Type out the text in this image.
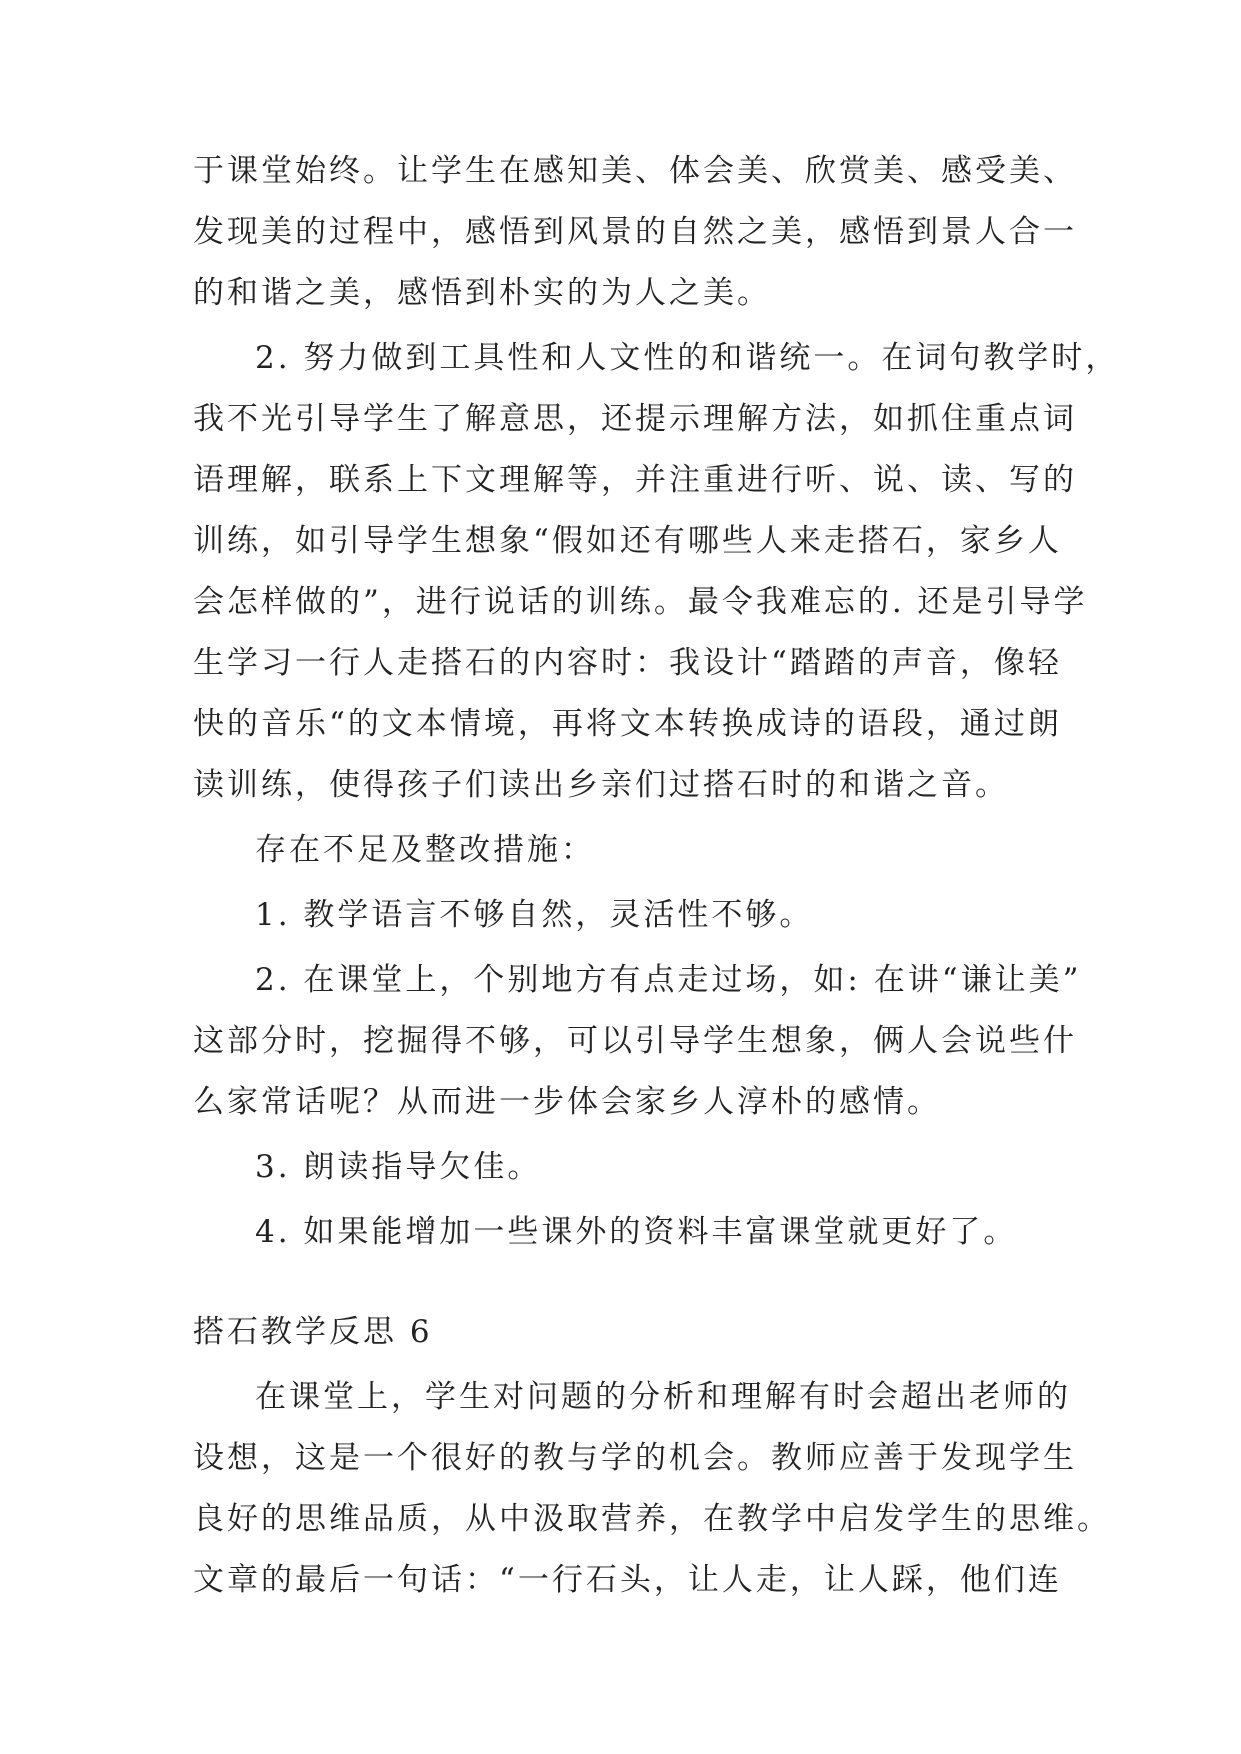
于课堂始终。让学生在感知美、体会美、欣赏美、感受美、
发现美的过程中，感悟到风景的自然之美，感悟到景人合一
的和谐之美，感悟到朴实的为人之美。
2. 努力做到工具性和人文性的和谐统一。在词句教学时，
我不光引导学生了解意思，还提示理解方法，如抓住重点词
语理解，联系上下文理解等，并注重进行听、说、读、写的
训练，如引导学生想象“假如还有哪些人来走搭石，家乡人
会怎样做的”，进行说话的训练。最令我难忘的. 还是引导学
生学习一行人走搭石的内容时：我设计“踏踏的声音，像轻
快的音乐“的文本情境，再将文本转换成诗的语段，通过朗
读训练，使得孩子们读出乡亲们过搭石时的和谐之音。
存在不足及整改措施：
1. 教学语言不够自然，灵活性不够。
2. 在课堂上，个别地方有点走过场，如: 在讲“谦让美”
这部分时，挖掘得不够，可以引导学生想象，俩人会说些什
么家常话呢？从而进一步体会家乡人淳朴的感情。
3. 朗读指导欠佳。
4. 如果能增加一些课外的资料丰富课堂就更好了。
搭石教学反思 6
在课堂上，学生对问题的分析和理解有时会超出老师的
设想，这是一个很好的教与学的机会。教师应善于发现学生
良好的思维品质，从中汲取营养，在教学中启发学生的思维。
文章的最后一句话：“一行石头，让人走，让人踩，他们连
